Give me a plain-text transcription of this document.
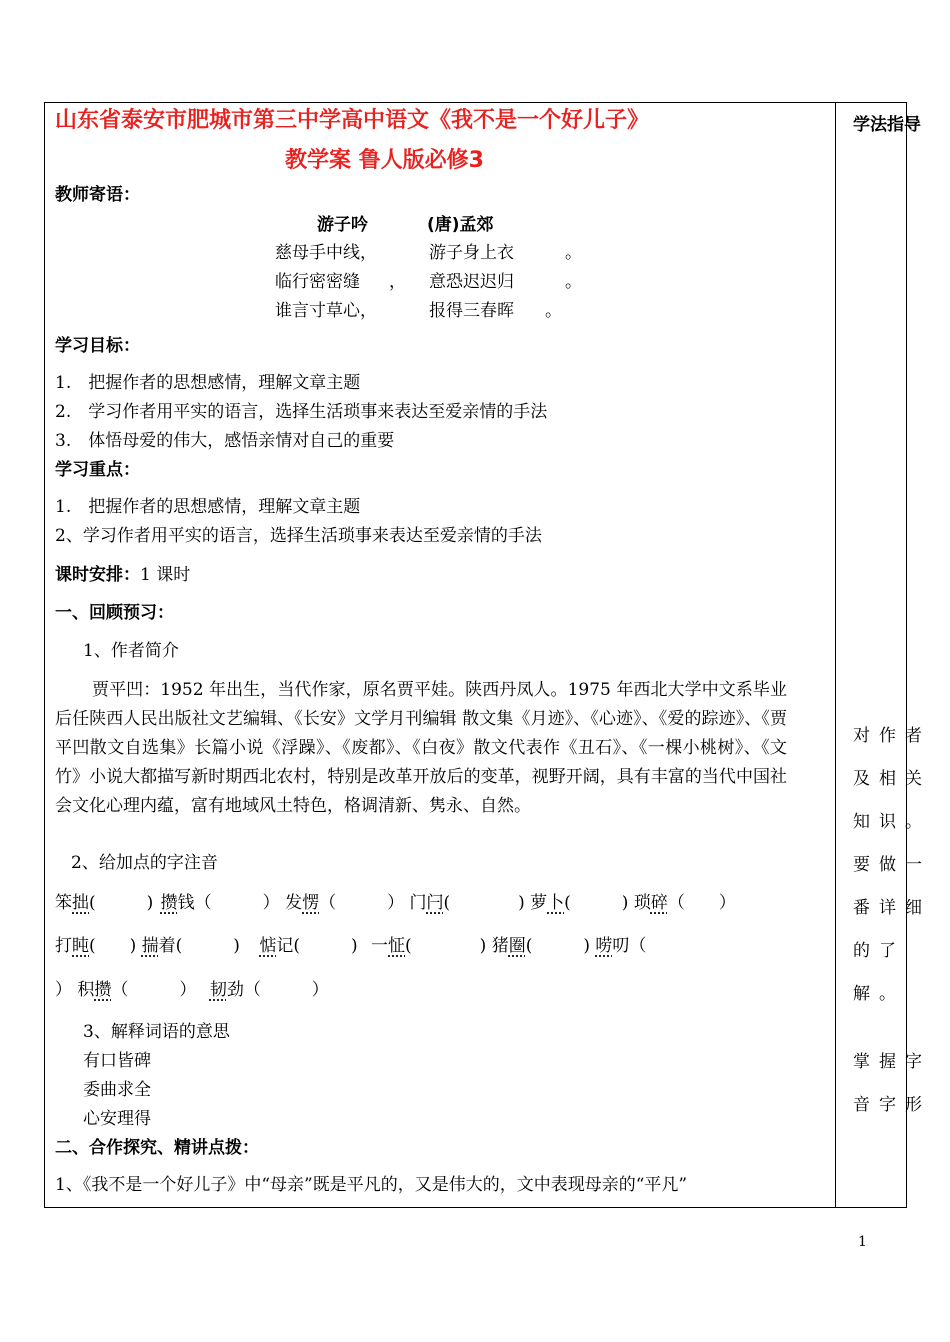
山东省泰安市肥城市第三中学高中语文《我不是一个好儿子》
教学案 鲁人版必修3
教师寄语：
游子吟	(唐)孟郊
慈母手中线，	游子身上衣	。
临行密密缝 ， 意恐迟迟归	。
谁言寸草心，	报得三春晖 。
学习目标：
1.　把握作者的思想感情，理解文章主题
2.　学习作者用平实的语言，选择生活琐事来表达至爱亲情的手法
3.　体悟母爱的伟大，感悟亲情对自己的重要
学习重点：
1.　把握作者的思想感情，理解文章主题
2、学习作者用平实的语言，选择生活琐事来表达至爱亲情的手法
课时安排：1 课时
一、回顾预习：
1、作者简介
贾平凹：1952 年出生，当代作家，原名贾平娃。陕西丹凤人。1975 年西北大学中文系毕业后任陕西人民出版社文艺编辑、《长安》文学月刊编辑 散文集《月迹》、《心迹》、《爱的踪迹》、《贾平凹散文自选集》长篇小说《浮躁》、《废都》、《白夜》散文代表作《丑石》、《一棵小桃树》、《文竹》小说大都描写新时期西北农村，特别是改革开放后的变革，视野开阔，具有丰富的当代中国社会文化心理内蕴，富有地域风土特色，格调清新、隽永、自然。
2、给加点的字注音
笨拙(　　　) 攒钱（　　　） 发愣（　　　） 门闩(　　　　) 萝卜(　　　) 琐碎（　　）
打盹(　　) 揣着(　　　) 惦记(　　　) 一怔(　　　　) 猪圈(　　　) 唠叨（
） 积攒（　　　） 韧劲（　　　）
3、解释词语的意思
有口皆碑
委曲求全
心安理得
二、合作探究、精讲点拨：
1、《我不是一个好儿子》中“母亲”既是平凡的，又是伟大的，文中表现母亲的“平凡”
学法指导
对作者及相关知识。要做一番详细的了解。
掌握字音字形
1
